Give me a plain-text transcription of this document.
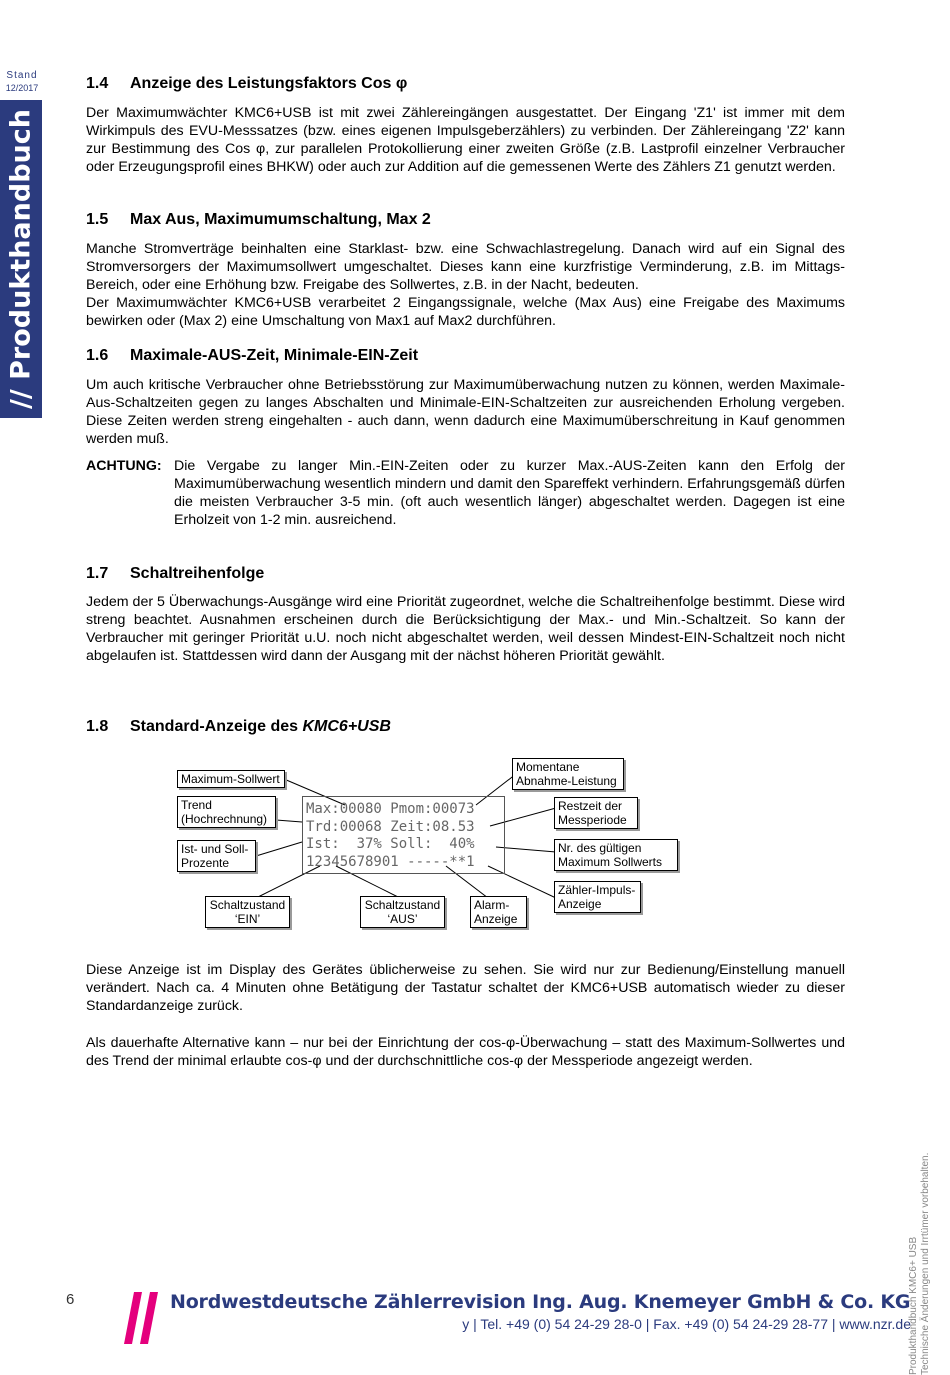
Stand
12/2017
// Produkthandbuch
1.4 Anzeige des Leistungsfaktors Cos φ

Der Maximumwächter KMC6+USB ist mit zwei Zählereingängen ausgestattet. Der Eingang 'Z1' ist immer mit dem Wirkimpuls des EVU-Messsatzes (bzw. eines eigenen Impulsgeberzählers) zu verbinden. Der Zählereingang 'Z2' kann zur Bestimmung des Cos φ, zur parallelen Protokollierung einer zweiten Größe (z.B. Lastprofil einzelner Verbraucher oder Erzeugungsprofil eines BHKW) oder auch zur Addition auf die gemessenen Werte des Zählers Z1 genutzt werden.

1.5 Max Aus, Maximumumschaltung, Max 2

Manche Stromverträge beinhalten eine Starklast- bzw. eine Schwachlastregelung. Danach wird auf ein Signal des Stromversorgers der Maximumsollwert umgeschaltet. Dieses kann eine kurzfristige Verminderung, z.B. im Mittags-Bereich, oder eine Erhöhung bzw. Freigabe des Sollwertes, z.B. in der Nacht, bedeuten.

Der Maximumwächter KMC6+USB verarbeitet 2 Eingangssignale, welche (Max Aus) eine Freigabe des Maximums bewirken oder (Max 2) eine Umschaltung von Max1 auf Max2 durchführen.

1.6 Maximale-AUS-Zeit, Minimale-EIN-Zeit

Um auch kritische Verbraucher ohne Betriebsstörung zur Maximumüberwachung nutzen zu können, werden Maximale-Aus-Schaltzeiten gegen zu langes Abschalten und Minimale-EIN-Schaltzeiten zur ausreichenden Erholung vergeben. Diese Zeiten werden streng eingehalten - auch dann, wenn dadurch eine Maximumüberschreitung in Kauf genommen werden muß.

ACHTUNG: Die Vergabe zu langer Min.-EIN-Zeiten oder zu kurzer Max.-AUS-Zeiten kann den Erfolg der Maximumüberwachung wesentlich mindern und damit den Spareffekt verhindern. Erfahrungsgemäß dürfen die meisten Verbraucher 3-5 min. (oft auch wesentlich länger) abgeschaltet werden. Dagegen ist eine Erholzeit von 1-2 min. ausreichend.

1.7 Schaltreihenfolge

Jedem der 5 Überwachungs-Ausgänge wird eine Priorität zugeordnet, welche die Schaltreihenfolge bestimmt. Diese wird streng beachtet. Ausnahmen erscheinen durch die Berücksichtigung der Max.- und Min.-Schaltzeit. So kann der Verbraucher mit geringer Priorität u.U. noch nicht abgeschaltet werden, weil dessen Mindest-EIN-Schaltzeit noch nicht abgelaufen ist. Stattdessen wird dann der Ausgang mit der nächst höheren Priorität gewählt.

1.8 Standard-Anzeige des KMC6+USB

Diese Anzeige ist im Display des Gerätes üblicherweise zu sehen. Sie wird nur zur Bedienung/Einstellung manuell verändert. Nach ca. 4 Minuten ohne Betätigung der Tastatur schaltet der KMC6+USB automatisch wieder zu dieser Standardanzeige zurück.

Als dauerhafte Alternative kann – nur bei der Einrichtung der cos-φ-Überwachung – statt des Maximum-Sollwertes und des Trend der minimal erlaubte cos-φ und der durchschnittliche cos-φ der Messperiode angezeigt werden.

Max:00080 Pmom:00073
Trd:00068 Zeit:08.53
Ist:  37% Soll:  40%
12345678901 -----**1
Maximum-Sollwert
Trend
(Hochrechnung)
Ist- und Soll-
Prozente
Schaltzustand
‘EIN’
Schaltzustand
‘AUS’
Alarm-
Anzeige
Momentane
Abnahme-Leistung
Restzeit der
Messperiode
Nr. des gültigen
Maximum Sollwerts
Zähler-Impuls-
Anzeige
6	Nordwestdeutsche Zählerrevision Ing. Aug. Knemeyer GmbH & Co. KG
y | Tel. +49 (0) 54 24-29 28-0 | Fax. +49 (0) 54 24-29 28-77 | www.nzr.de
Produkthandbuch KMC6+ USB Technische Änderungen und Irrtümer vorbehalten.
